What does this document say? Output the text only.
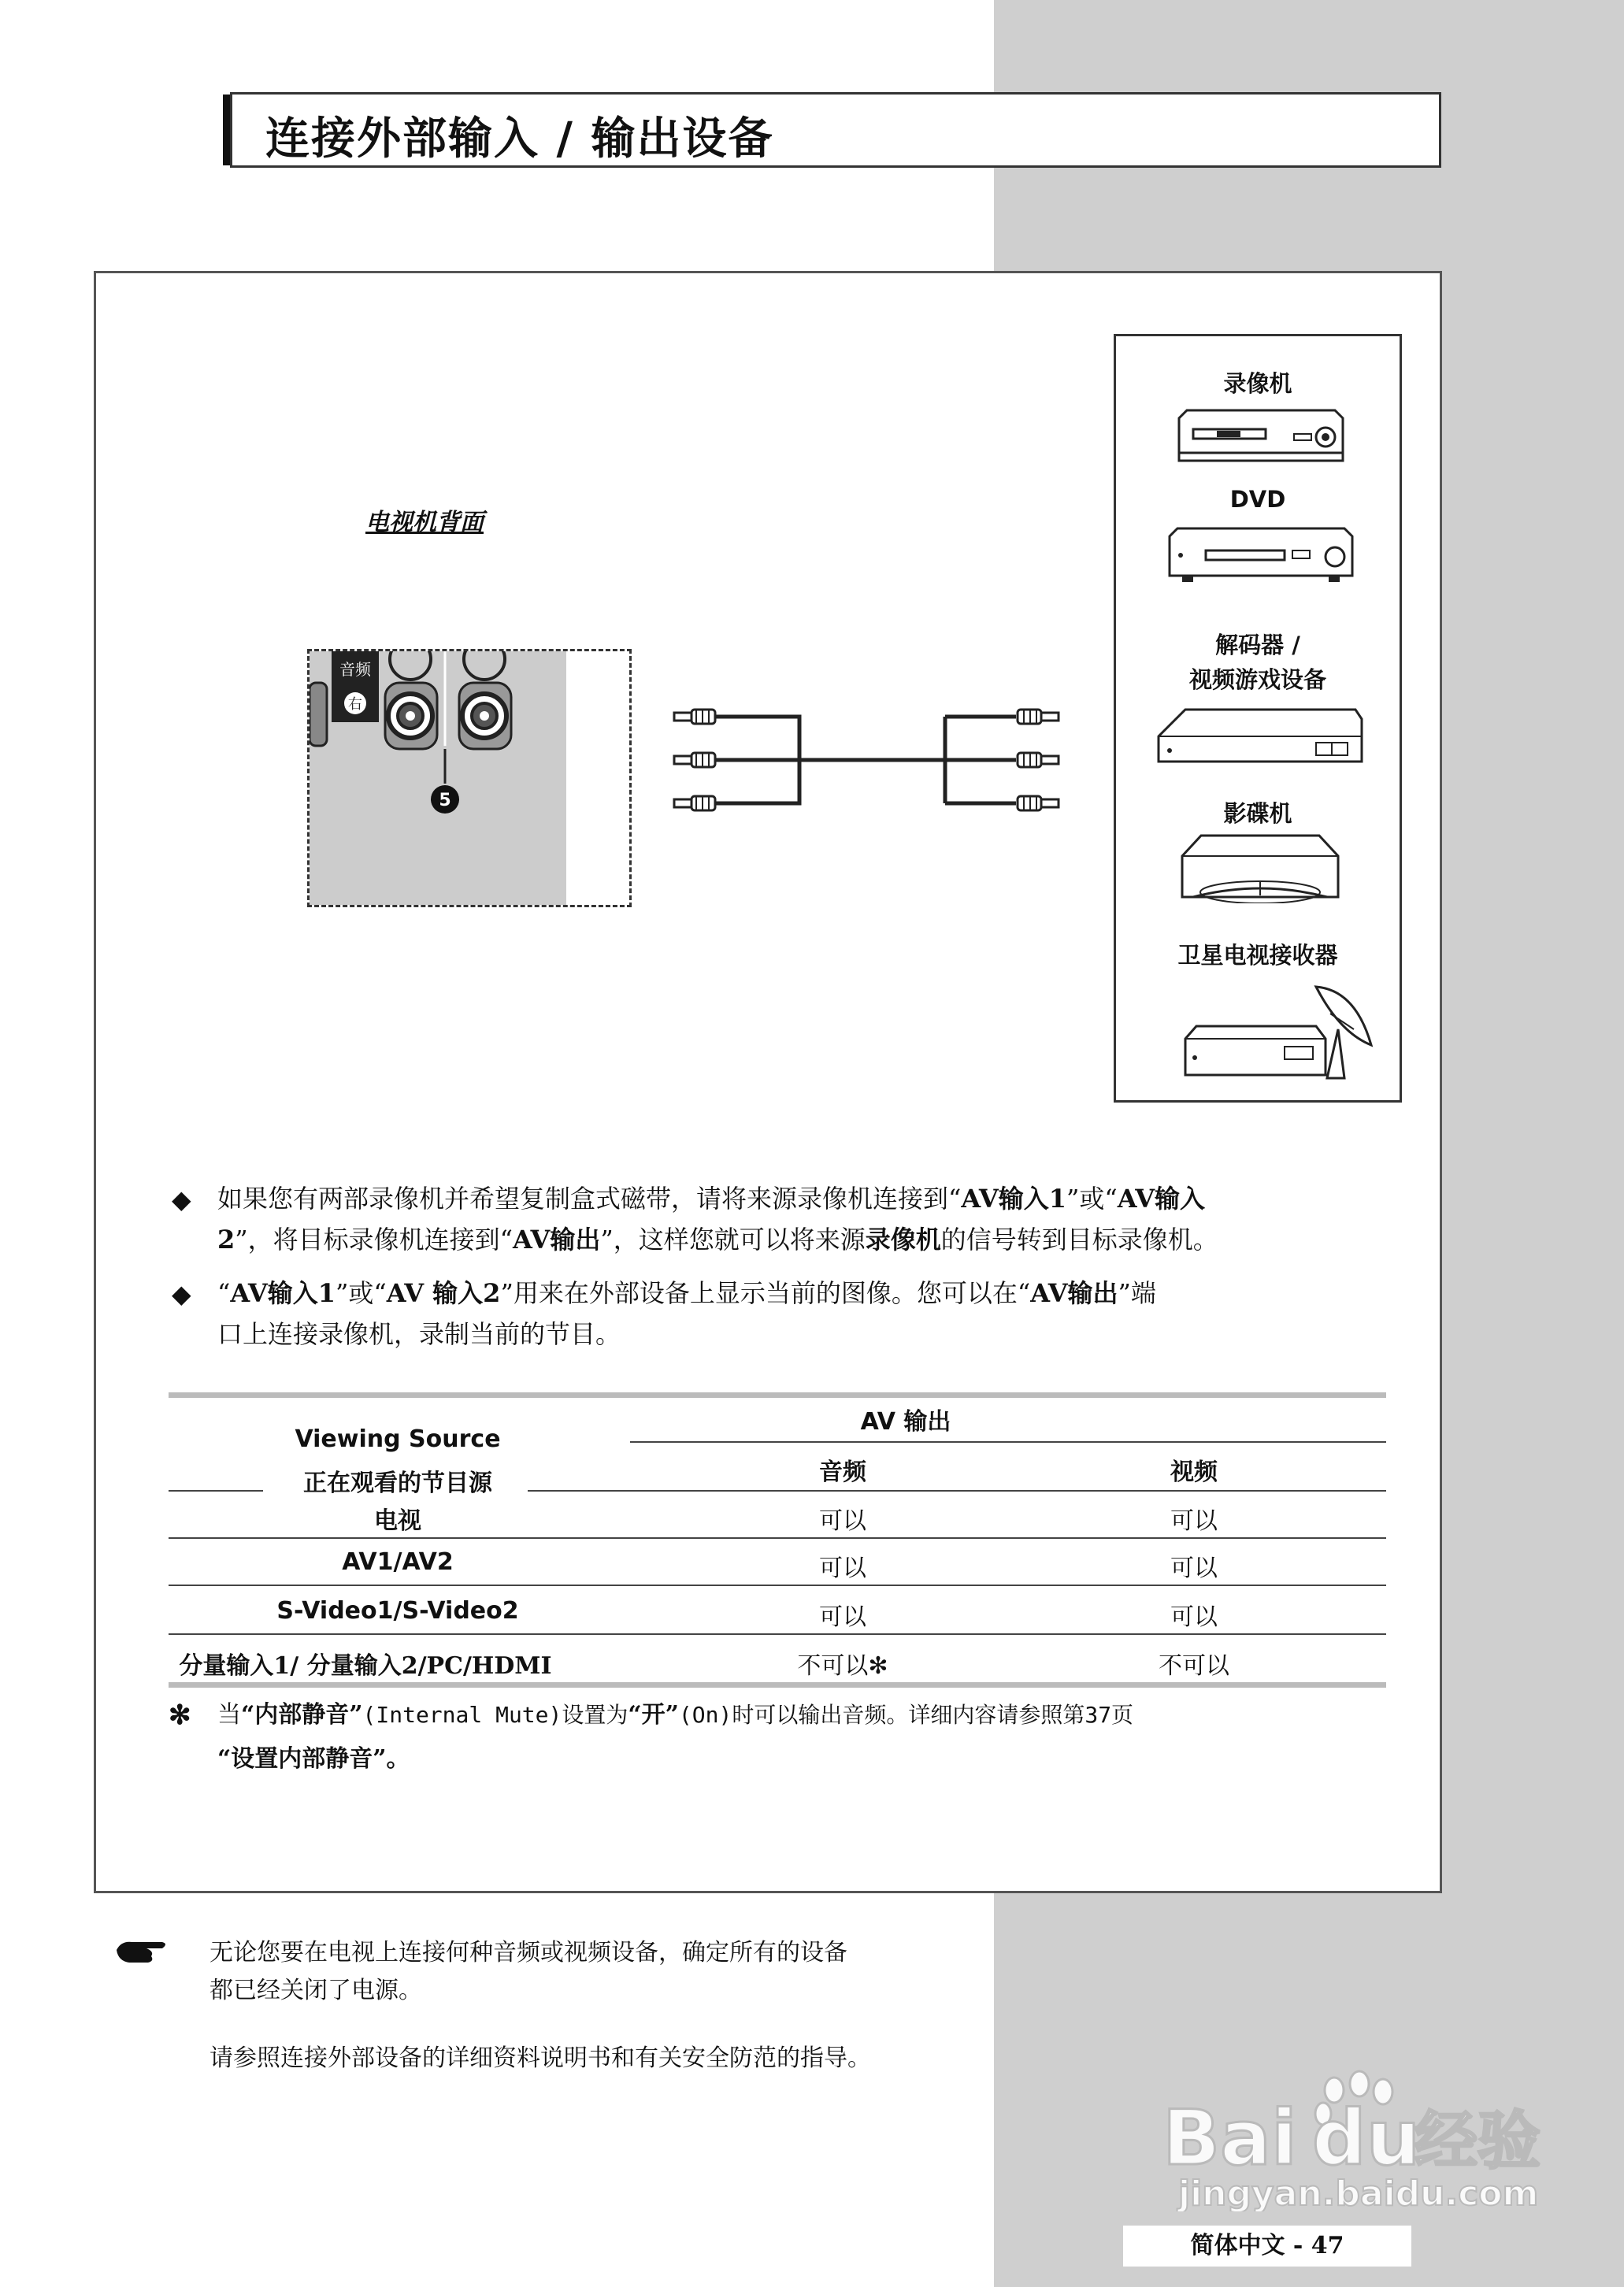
连接外部输入 / 输出设备
电视机背面
音频
右
5
录像机
DVD
解码器 /
视频游戏设备
影碟机
卫星电视接收器
◆ 如果您有两部录像机并希望复制盒式磁带，请将来源录像机连接到“AV输入1”或“AV输入
2”，将目标录像机连接到“AV输出”，这样您就可以将来源录像机的信号转到目标录像机。
◆ “AV输入1”或“AV 输入2”用来在外部设备上显示当前的图像。您可以在“AV输出”端
口上连接录像机，录制当前的节目。
Viewing Source
正在观看的节目源
AV 输出
音频	视频
电视	可以	可以
AV1/AV2	可以	可以
S-Video1/S-Video2	可以	可以
分量输入1/ 分量输入2/PC/HDMI	不可以✻	不可以
✻ 当“内部静音”(Internal Mute)设置为“开”(On)时可以输出音频。详细内容请参照第37页
“设置内部静音”。
无论您要在电视上连接何种音频或视频设备，确定所有的设备
都已经关闭了电源。
请参照连接外部设备的详细资料说明书和有关安全防范的指导。
Bai du
经验
jingyan.baidu.com
简体中文 - 47
